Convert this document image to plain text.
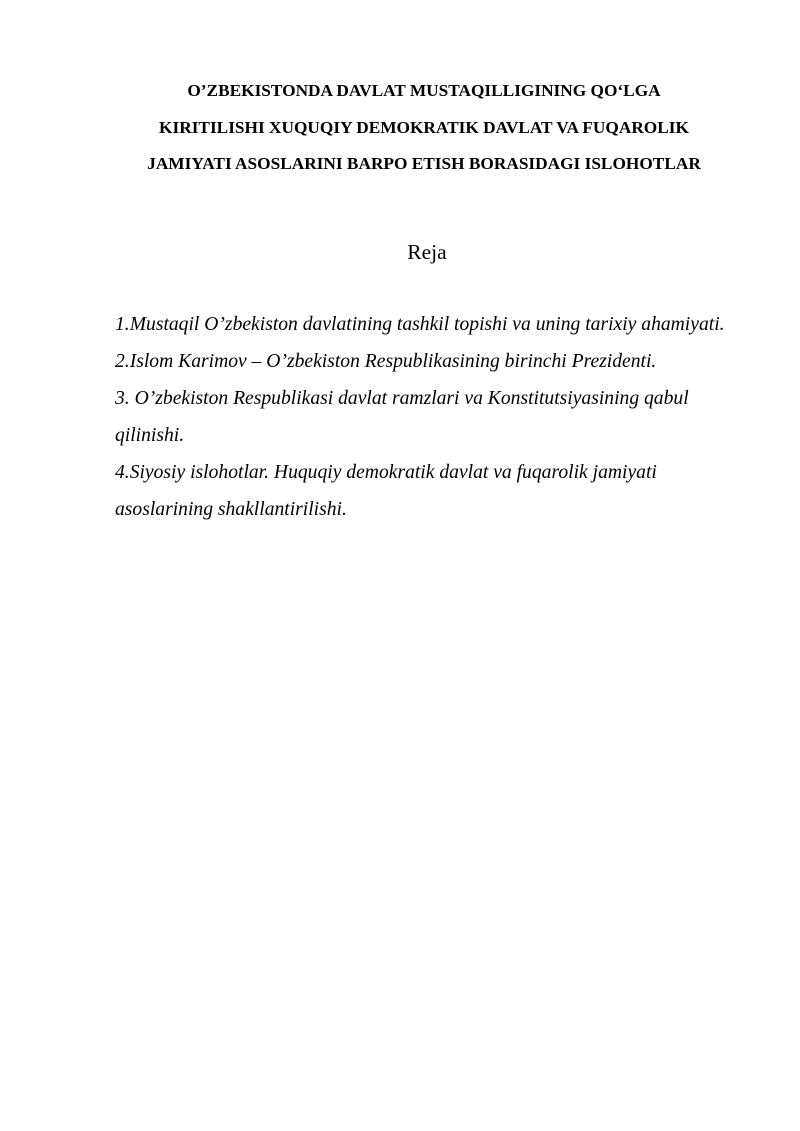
O’ZBEKISTONDA DAVLAT MUSTAQILLIGINING QO‘LGA
KIRITILISHI XUQUQIY DEMOKRATIK DAVLAT VA FUQAROLIK
JAMIYATI ASOSLARINI BARPO ETISH BORASIDAGI ISLOHOTLAR
Reja
1.Mustaqil O’zbekiston davlatining tashkil topishi va uning tarixiy ahamiyati.
2.Islom Karimov – O’zbekiston Respublikasining birinchi Prezidenti.
3. O’zbekiston Respublikasi davlat ramzlari va Konstitutsiyasining qabul qilinishi.
4.Siyosiy islohotlar. Huquqiy demokratik davlat va fuqarolik jamiyati asoslarining shakllantirilishi.
